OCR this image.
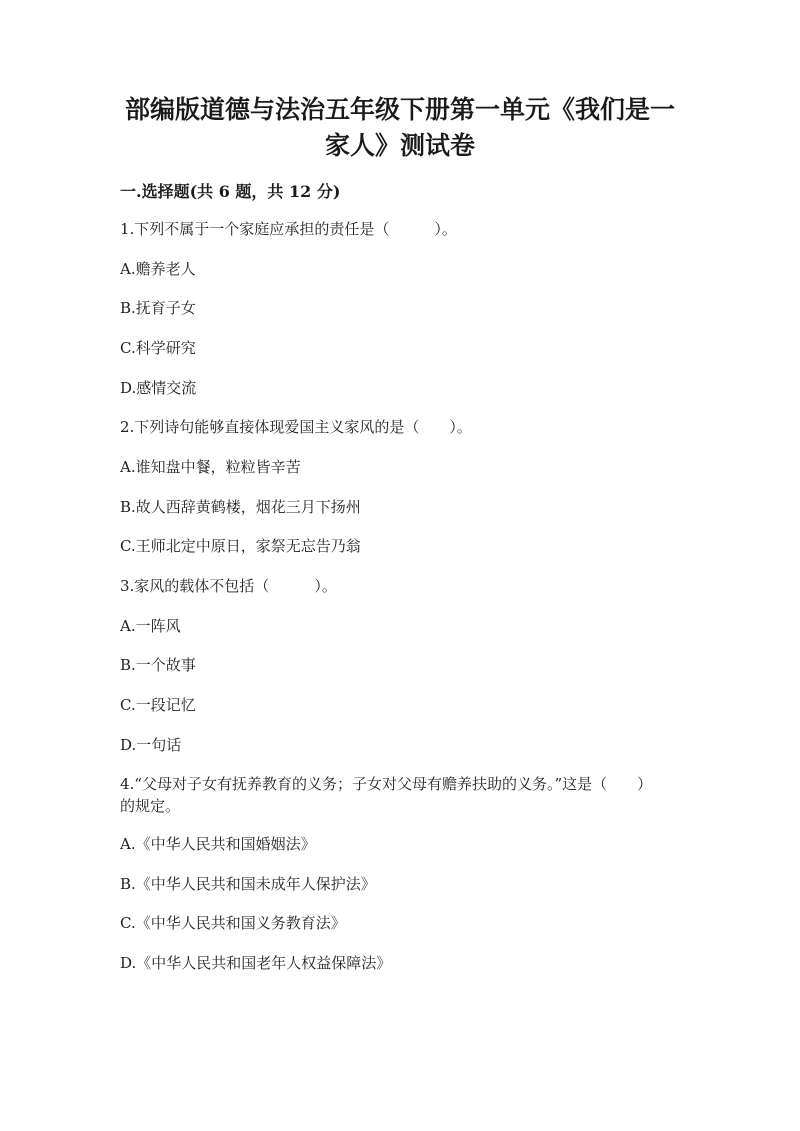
部编版道德与法治五年级下册第一单元《我们是一家人》测试卷
一.选择题(共 6 题，共 12 分)
1.下列不属于一个家庭应承担的责任是（　　　）。
A.赡养老人
B.抚育子女
C.科学研究
D.感情交流
2.下列诗句能够直接体现爱国主义家风的是（　　）。
A.谁知盘中餐，粒粒皆辛苦
B.故人西辞黄鹤楼，烟花三月下扬州
C.王师北定中原日，家祭无忘告乃翁
3.家风的载体不包括（　　　）。
A.一阵风
B.一个故事
C.一段记忆
D.一句话
4.“父母对子女有抚养教育的义务；子女对父母有赡养扶助的义务。”这是（　　）的规定。
A.《中华人民共和国婚姻法》
B.《中华人民共和国未成年人保护法》
C.《中华人民共和国义务教育法》
D.《中华人民共和国老年人权益保障法》
